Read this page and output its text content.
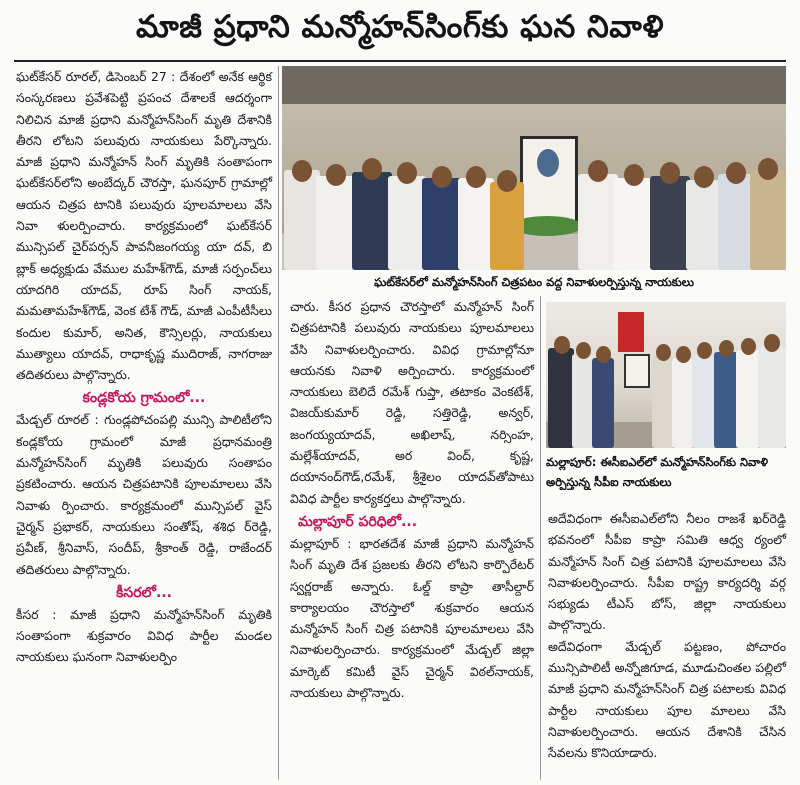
మాజీ ప్రధాని మన్మోహన్‌సింగ్‌కు ఘన నివాళి

ఘట్‌కేసర్ రూరల్, డిసెంబర్ 27 : దేశంలో అనేక ఆర్థిక సంస్కరణలు ప్రవేశపెట్టి ప్రపంచ దేశాలకే ఆదర్శంగా నిలిచిన మాజీ ప్రధాని మన్మోహన్‌సింగ్ మృతి దేశానికి తీరని లోటని పలువురు నాయకులు పేర్కొన్నారు. మాజీ ప్రధాని మన్మోహన్ సింగ్ మృతికి సంతాపంగా ఘట్‌కేసర్‌లోని అంబేద్కర్ చౌరస్తా, ఘనపూర్ గ్రామాల్లో ఆయన చిత్రప టానికి పలువురు పూలమాలలు వేసి నివా ళులర్పించారు. కార్యక్రమంలో ఘట్‌కేసర్ మున్సిపల్ చైర్‌పర్సన్ పావనీజంగయ్య యా దవ్, బి బ్లాక్ అధ్యక్షుడు వేముల మహేశ్‌గౌడ్, మాజీ సర్పంచ్‌లు యాదగిరి యాదవ్, రూప్ సింగ్ నాయక్, మమతామహేశ్‌గౌడ్, వెంక టేశ్ గౌడ్, మాజీ ఎంపీటీసీలు కందుల కుమార్, అనిత, కౌన్సిలర్లు, నాయకులు ముత్యాలు యాదవ్, రాధాకృష్ణ ముదిరాజ్, నాగరాజు తదితరులు పాల్గొన్నారు.

కండ్లకోయ గ్రామంలో...

మేడ్చల్ రూరల్ : గుండ్లపోచంపల్లి మున్సి పాలిటీలోని కండ్లకోయ గ్రామంలో మాజీ ప్రధానమంత్రి మన్మోహన్‌సింగ్ మృతికి పలువురు సంతాపం ప్రకటించారు. ఆయన చిత్రపటానికి పూలమాలలు వేసి నివాళు ర్పించారు. కార్యక్రమంలో మున్సిపల్ వైస్ చైర్మన్ ప్రభాకర్, నాయకులు సంతోష్, శశిధ ర్‌రెడ్డి, ప్రవీణ్, శ్రీనివాస్, సందీప్, శ్రీకాంత్ రెడ్డి, రాజేందర్ తదితరులు పాల్గొన్నారు.

కీసరలో...

కీసర : మాజీ ప్రధాని మన్మోహన్‌సింగ్ మృతికి సంతాపంగా శుక్రవారం వివిధ పార్టీల మండల నాయకులు ఘనంగా నివాళులర్పిం

ఘట్‌కేసర్‌లో మన్మోహన్‌సింగ్ చిత్రపటం వద్ద నివాళులర్పిస్తున్న నాయకులు

చారు. కీసర ప్రధాన చౌరస్తాలో మన్మోహన్ సింగ్ చిత్రపటానికి పలువురు నాయకులు పూలమాలలు వేసి నివాళులర్పించారు. వివిధ గ్రామాల్లోనూ ఆయనకు నివాళి అర్పించారు. కార్యక్రమంలో నాయకులు బెలిదే రమేశ్ గుప్తా, తటాకం వెంకటేశ్, విజయ్‌కుమార్ రెడ్డి, సత్తిరెడ్డి, అన్వర్, జంగయ్యయాదవ్, అఖిలాష్, నర్సింహ, మల్లేశ్‌యాదవ్, అర వింద్, కృష్ణ, దయానంద్‌గౌడ్,రమేశ్, శ్రీశైలం యాదవ్‌తోపాటు వివిధ పార్టీల కార్యకర్తలు పాల్గొన్నారు.

మల్లాపూర్ పరిధిలో...

మల్లాపూర్ : భారతదేశ మాజీ ప్రధాని మన్మోహన్ సింగ్ మృతి దేశ ప్రజలకు తీరని లోటని కార్పొరేటర్ స్వర్ణరాజ్ అన్నారు. ఓల్డ్ కాప్రా తాసీల్దార్ కార్యాలయం చౌరస్తాలో శుక్రవారం ఆయన మన్మోహన్ సింగ్ చిత్ర పటానికి పూలమాలలు వేసి నివాళులర్పించారు. కార్యక్రమంలో మేడ్చల్ జిల్లా మార్కెట్ కమిటీ వైస్ చైర్మన్ విఠల్‌నాయక్, నాయకులు పాల్గొన్నారు.

మల్లాపూర్: ఈసీఐఎల్‌లో మన్మోహన్‌సింగ్‌కు నివాళి అర్పిస్తున్న సీపీఐ నాయకులు

అదేవిధంగా ఈసీఐఎల్‌లోని నీలం రాజశే ఖర్‌రెడ్డి భవనంలో సీపీఐ కాప్రా సమితి ఆధ్వ ర్యంలో మన్మోహన్ సింగ్ చిత్ర పటానికి పూలమాలలు వేసి నివాళులర్పించారు. సీపీఐ రాష్ట్ర కార్యదర్శి వర్గ సభ్యుడు టీఎస్ బోస్, జిల్లా నాయకులు పాల్గొన్నారు.

అదేవిధంగా మేడ్చల్ పట్టణం, పోచారం మున్సిపాలిటీ అన్నోజిగూడ, మూడుచింతల పల్లిలో మాజీ ప్రధాని మన్మోహన్‌సింగ్ చిత్ర పటాలకు వివిధ పార్టీల నాయకులు పూల మాలలు వేసి నివాళులర్పించారు. ఆయన దేశానికి చేసిన సేవలను కొనియాడారు.
